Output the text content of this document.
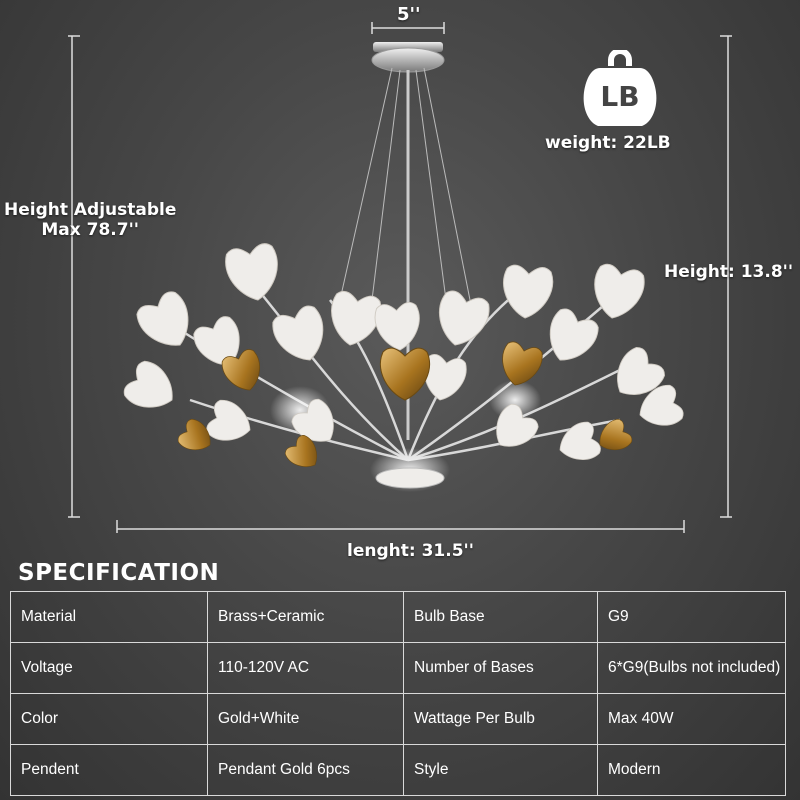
LB
5''
weight: 22LB
Height Adjustable
Max 78.7''
Height: 13.8''
lenght: 31.5''
SPECIFICATION
Material	Brass+Ceramic	Bulb Base	G9
Voltage	110-120V AC	Number of Bases	6*G9(Bulbs not included)
Color	Gold+White	Wattage Per Bulb	Max 40W
Pendent	Pendant Gold 6pcs	Style	Modern
